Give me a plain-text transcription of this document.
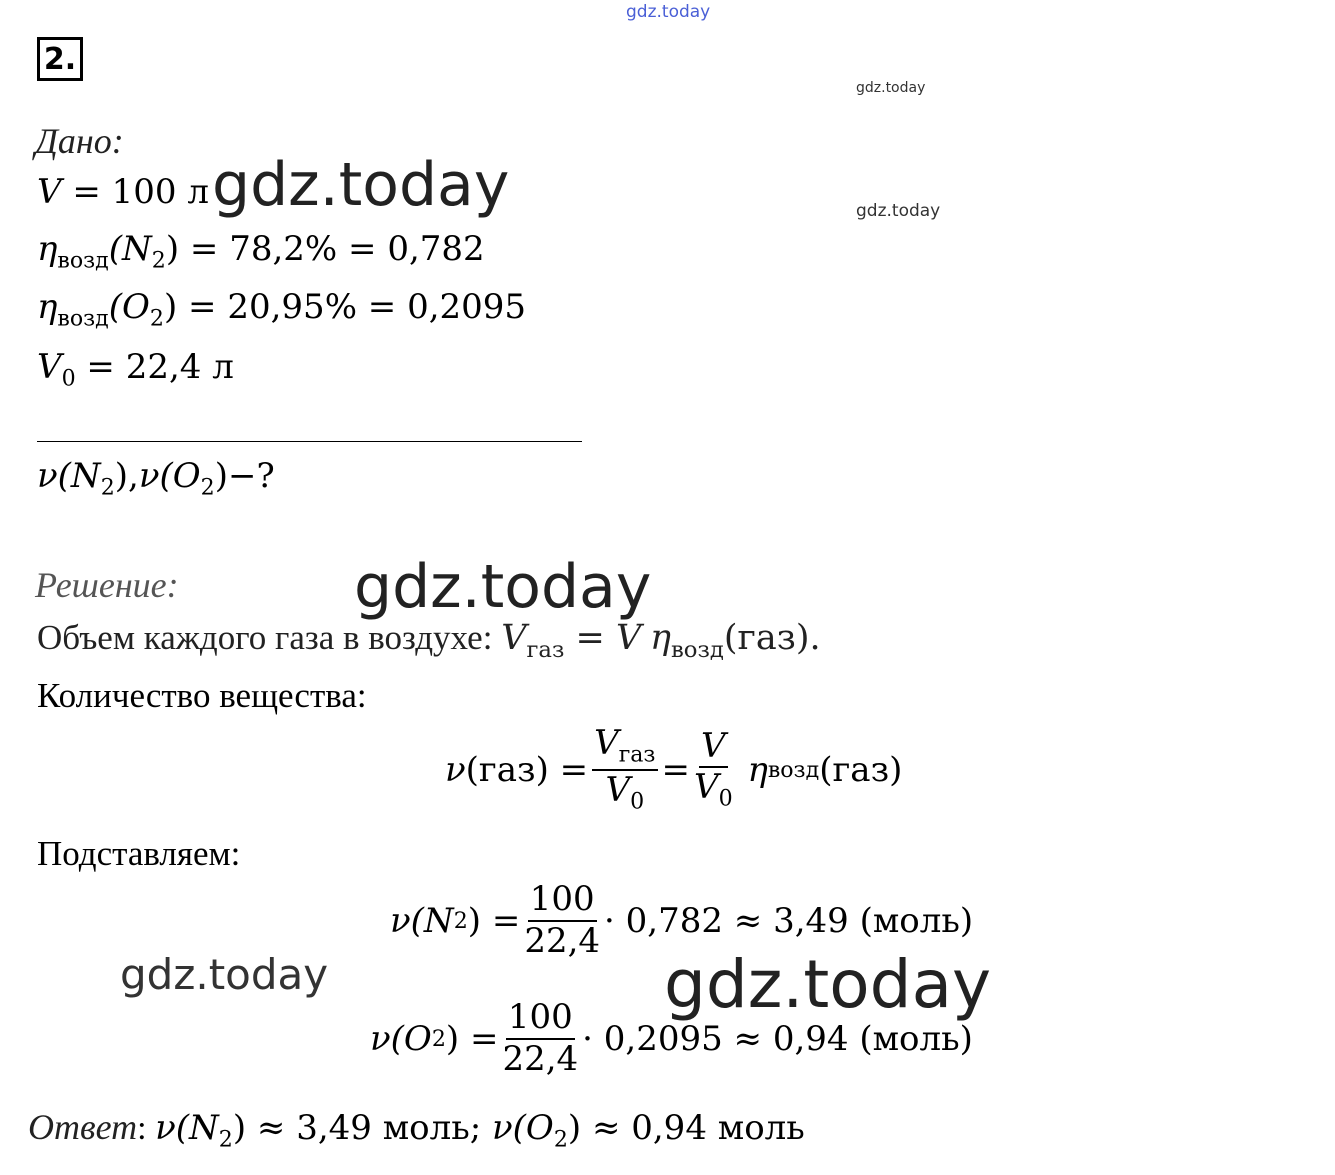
gdz.today
gdz.today
gdz.today
gdz.today
gdz.today
gdz.today	gdz.today
2.
Дано:
V = 100 л
$\eta_{возд}(N_2) = 78,2\% = 0,782$
$\eta_{возд}(O_2) = 20,95\% = 0,2095$
$V_0 = 22,4$ л
$\nu(N_2),\nu(O_2)-$?
Решение:
Объем каждого газа в воздухе: $V_{газ} = V$ $\eta_{возд}(газ)$.
Количество вещества:
ν $(газ) = \frac{V_{газ}}{V_0} = \frac{V}{V_0}$
η возд (газ)
Подставляем:
ν (N 2 ) = $\frac{100}{22,4} \cdot 0,782 \approx 3,49$ (моль)
ν (O 2 ) = $\frac{100}{22,4} \cdot 0,2095 \approx 0,94$ (моль)
Ответ: $\nu(N_2) \approx 3,49$ моль; $\nu(O_2) \approx 0,94$ моль
